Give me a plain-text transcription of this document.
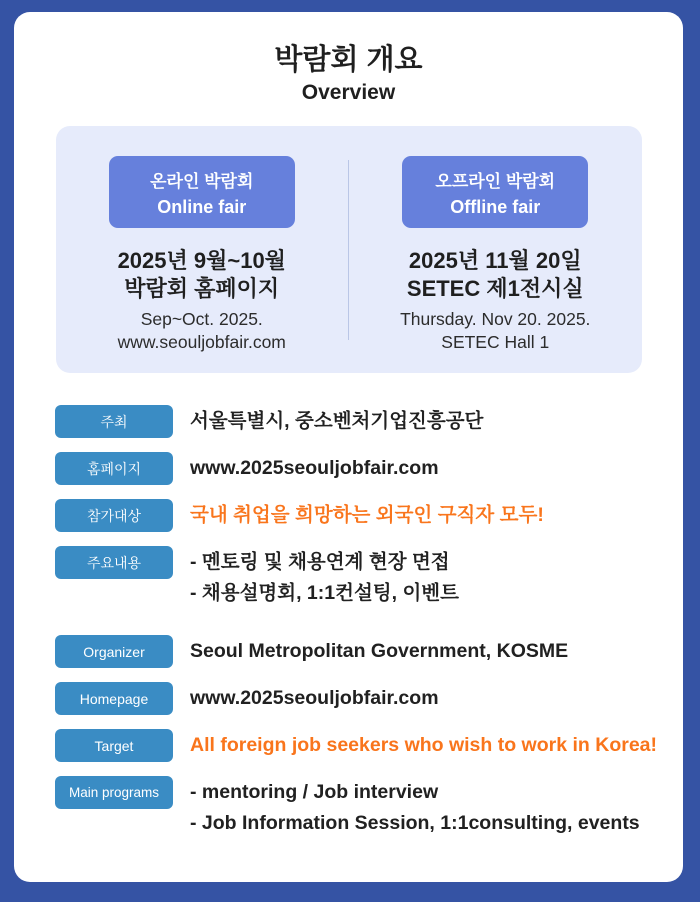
박람회 개요
Overview
온라인 박람회
Online fair
2025년 9월~10월
박람회 홈페이지
Sep~Oct. 2025.
www.seouljobfair.com
오프라인 박람회
Offline fair
2025년 11월 20일
SETEC 제1전시실
Thursday. Nov 20. 2025.
SETEC Hall 1
주최	서울특별시, 중소벤처기업진흥공단
홈페이지	www.2025seouljobfair.com
참가대상	국내 취업을 희망하는 외국인 구직자 모두!
주요내용	- 멘토링 및 채용연계 현장 면접
- 채용설명회, 1:1컨설팅, 이벤트
Organizer	Seoul Metropolitan Government, KOSME
Homepage	www.2025seouljobfair.com
Target	All foreign job seekers who wish to work in Korea!
Main programs	- mentoring / Job interview
- Job Information Session, 1:1consulting, events
